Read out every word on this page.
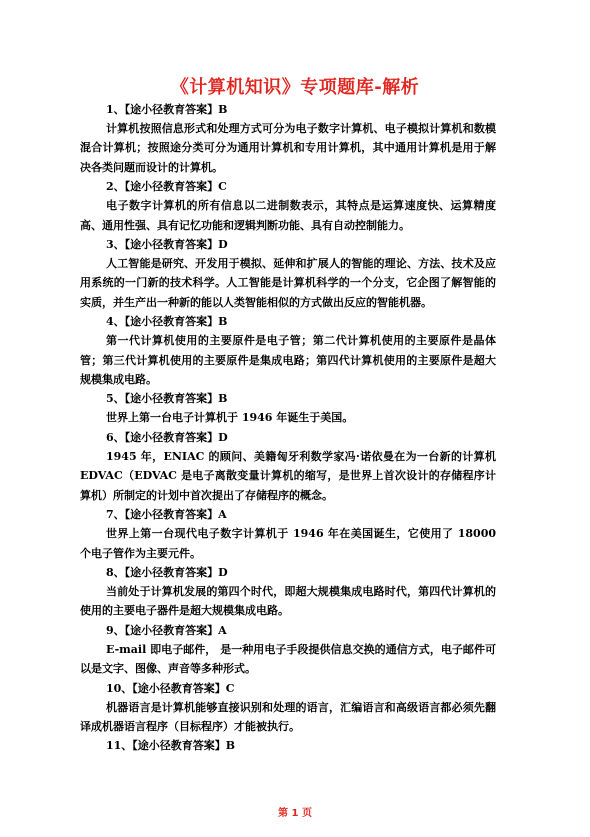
《计算机知识》专项题库-解析
1、【途小径教育答案】B
计算机按照信息形式和处理方式可分为电子数字计算机、电子模拟计算机和数模混合计算机；按照途分类可分为通用计算机和专用计算机，其中通用计算机是用于解决各类问题而设计的计算机。
2、【途小径教育答案】C
电子数字计算机的所有信息以二进制数表示，其特点是运算速度快、运算精度高、通用性强、具有记忆功能和逻辑判断功能、具有自动控制能力。
3、【途小径教育答案】D
人工智能是研究、开发用于模拟、延伸和扩展人的智能的理论、方法、技术及应用系统的一门新的技术科学。人工智能是计算机科学的一个分支，它企图了解智能的实质，并生产出一种新的能以人类智能相似的方式做出反应的智能机器。
4、【途小径教育答案】B
第一代计算机使用的主要原件是电子管；第二代计算机使用的主要原件是晶体管；第三代计算机使用的主要原件是集成电路；第四代计算机使用的主要原件是超大规模集成电路。
5、【途小径教育答案】B
世界上第一台电子计算机于 1946 年诞生于美国。
6、【途小径教育答案】D
1945 年，ENIAC 的顾问、美籍匈牙利数学家冯·诺依曼在为一台新的计算机 EDVAC（EDVAC 是电子离散变量计算机的缩写，是世界上首次设计的存储程序计算机）所制定的计划中首次提出了存储程序的概念。
7、【途小径教育答案】A
世界上第一台现代电子数字计算机于 1946 年在美国诞生，它使用了 18000 个电子管作为主要元件。
8、【途小径教育答案】D
当前处于计算机发展的第四个时代，即超大规模集成电路时代，第四代计算机的使用的主要电子器件是超大规模集成电路。
9、【途小径教育答案】A
E-mail 即电子邮件， 是一种用电子手段提供信息交换的通信方式，电子邮件可以是文字、图像、声音等多种形式。
10、【途小径教育答案】C
机器语言是计算机能够直接识别和处理的语言，汇编语言和高级语言都必须先翻译成机器语言程序（目标程序）才能被执行。
11、【途小径教育答案】B
第 1 页
